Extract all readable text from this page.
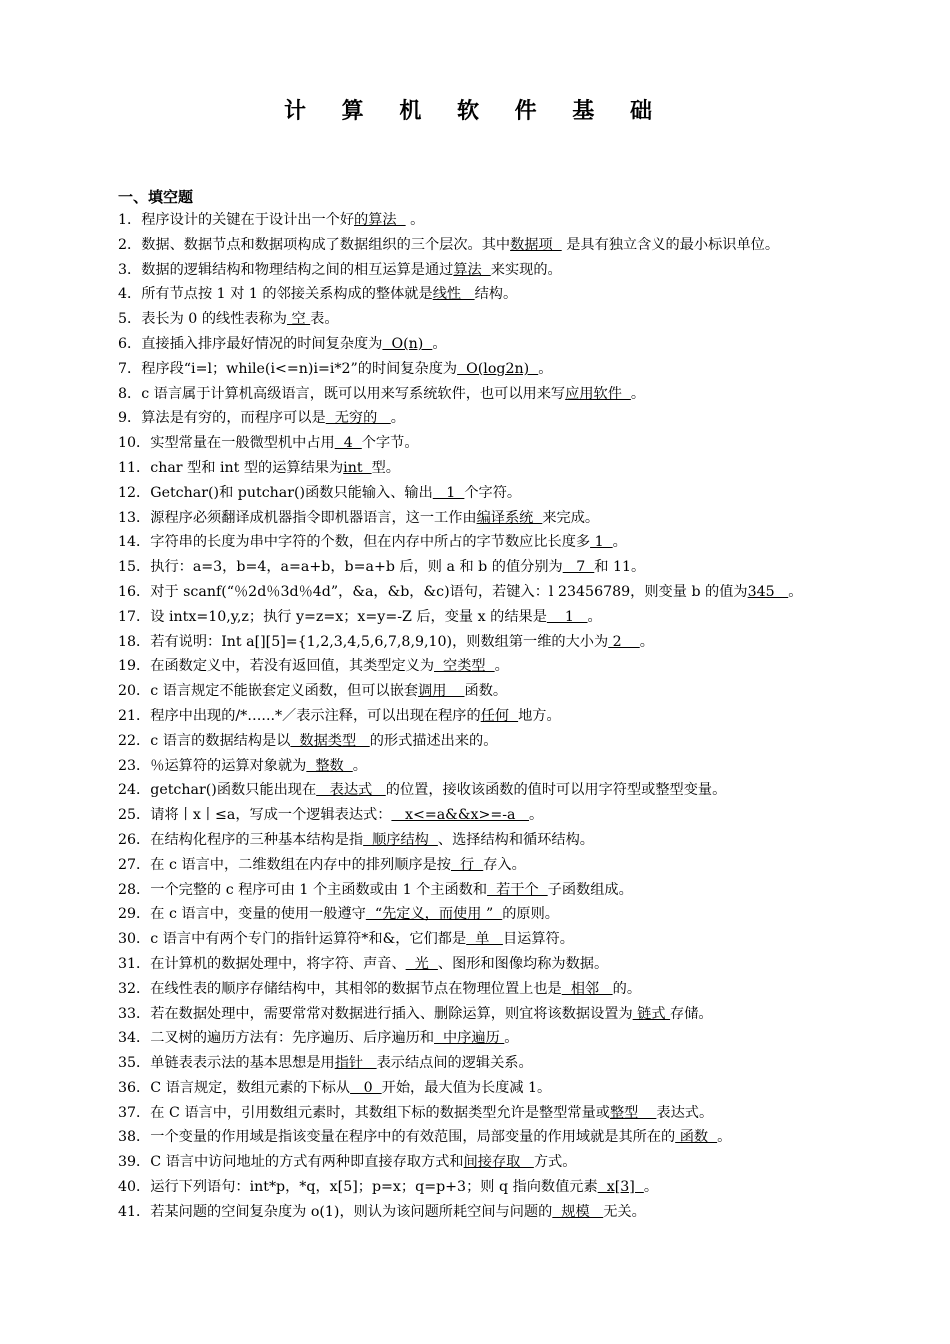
计 算 机 软 件 基 础
一、填空题

1．程序设计的关键在于设计出一个好的算法   。

2．数据、数据节点和数据项构成了数据组织的三个层次。其中数据项   是具有独立含义的最小标识单位。

3．数据的逻辑结构和物理结构之间的相互运算是通过算法  来实现的。

4．所有节点按 1 对 1 的邻接关系构成的整体就是线性   结构。

5．表长为 0 的线性表称为 空 表。

6．直接插入排序最好情况的时间复杂度为  O(n)  。

7．程序段“i=l；while(i<=n)i=i*2”的时间复杂度为  O(log2n)  。

8．c 语言属于计算机高级语言，既可以用来写系统软件，也可以用来写应用软件  。

9．算法是有穷的，而程序可以是  无穷的   。

10．实型常量在一般微型机中占用  4  个字节。

11．char 型和 int 型的运算结果为int  型。

12．Getchar()和 putchar()函数只能输入、输出   1  个字符。

13．源程序必须翻译成机器指令即机器语言，这一工作由编译系统  来完成。

14．字符串的长度为串中字符的个数，但在内存中所占的字节数应比长度多 1  。

15．执行：a=3，b=4，a=a+b，b=a+b 后，则 a 和 b 的值分别为   7  和 11。

16．对于 scanf(“％2d％3d％4d”，&a，&b，&c)语句，若键入：l 23456789，则变量 b 的值为345   。

17．设 intx=10,y,z；执行 y=z=x；x=y=-Z 后，变量 x 的结果是    1   。

18．若有说明：Int a[][5]={1,2,3,4,5,6,7,8,9,10)，则数组第一维的大小为 2    。

19．在函数定义中，若没有返回值，其类型定义为  空类型  。

20．c 语言规定不能嵌套定义函数，但可以嵌套调用    函数。

21．程序中出现的/*…...*／表示注释，可以出现在程序的任何  地方。

22．c 语言的数据结构是以  数据类型   的形式描述出来的。

23．％运算符的运算对象就为  整数  。

24．getchar()函数只能出现在   表达式   的位置，接收该函数的值时可以用字符型或整型变量。

25．请将丨x丨≤a，写成一个逻辑表达式：   x<=a&&x>=-a   。

26．在结构化程序的三种基本结构是指  顺序结构  、选择结构和循环结构。

27．在 c 语言中，二维数组在内存中的排列顺序是按  行  存入。

28．一个完整的 c 程序可由 1 个主函数或由 1 个主函数和  若干个  子函数组成。

29．在 c 语言中，变量的使用一般遵守  “先定义，而使用 ”  的原则。

30．c 语言中有两个专门的指针运算符*和&，它们都是  单   目运算符。

31．在计算机的数据处理中，将字符、声音、  光  、图形和图像均称为数据。

32．在线性表的顺序存储结构中，其相邻的数据节点在物理位置上也是  相邻   的。

33．若在数据处理中，需要常常对数据进行插入、删除运算，则宜将该数据设置为 链式 存储。

34．二叉树的遍历方法有：先序遍历、后序遍历和  中序遍历 。

35．单链表表示法的基本思想是用指针   表示结点间的逻辑关系。

36．C 语言规定，数组元素的下标从   0  开始，最大值为长度减 1。

37．在 C 语言中，引用数组元素时，其数组下标的数据类型允许是整型常量或整型    表达式。

38．一个变量的作用域是指该变量在程序中的有效范围，局部变量的作用域就是其所在的 函数  。

39．C 语言中访问地址的方式有两种即直接存取方式和间接存取   方式。

40．运行下列语句：int*p，*q，x[5]；p=x；q=p+3；则 q 指向数值元素  x[3]  。

41．若某问题的空间复杂度为 o(1)，则认为该问题所耗空间与问题的  规模   无关。
